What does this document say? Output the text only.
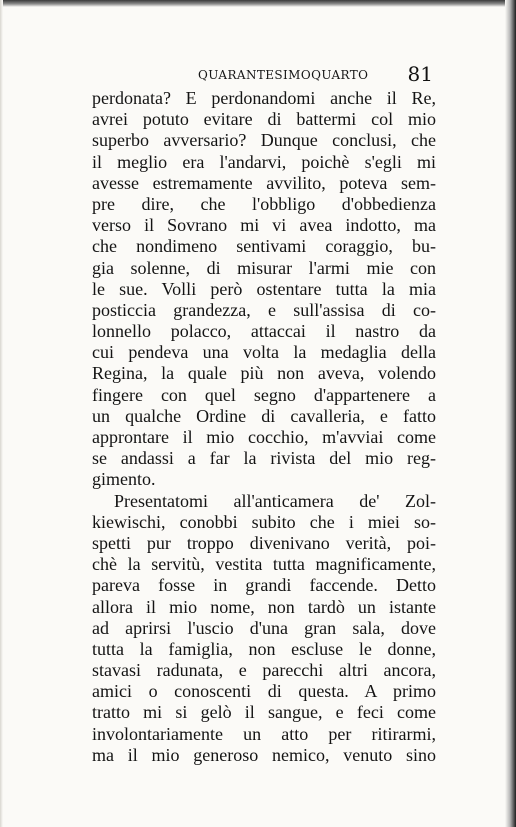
QUARANTESIMOQUARTO 81
perdonata? E perdonandomi anche il Re,
avrei potuto evitare di battermi col mio
superbo avversario? Dunque conclusi, che
il meglio era l'andarvi, poichè s'egli mi
avesse estremamente avvilito, poteva sem-
pre dire, che l'obbligo d'obbedienza
verso il Sovrano mi vi avea indotto, ma
che nondimeno sentivami coraggio, bu-
gia solenne, di misurar l'armi mie con
le sue. Volli però ostentare tutta la mia
posticcia grandezza, e sull'assisa di co-
lonnello polacco, attaccai il nastro da
cui pendeva una volta la medaglia della
Regina, la quale più non aveva, volendo
fingere con quel segno d'appartenere a
un qualche Ordine di cavalleria, e fatto
approntare il mio cocchio, m'avviai come
se andassi a far la rivista del mio reg-
gimento.
Presentatomi all'anticamera de' Zol-
kiewischi, conobbi subito che i miei so-
spetti pur troppo divenivano verità, poi-
chè la servitù, vestita tutta magnificamente,
pareva fosse in grandi faccende. Detto
allora il mio nome, non tardò un istante
ad aprirsi l'uscio d'una gran sala, dove
tutta la famiglia, non escluse le donne,
stavasi radunata, e parecchi altri ancora,
amici o conoscenti di questa. A primo
tratto mi si gelò il sangue, e feci come
involontariamente un atto per ritirarmi,
ma il mio generoso nemico, venuto sino
